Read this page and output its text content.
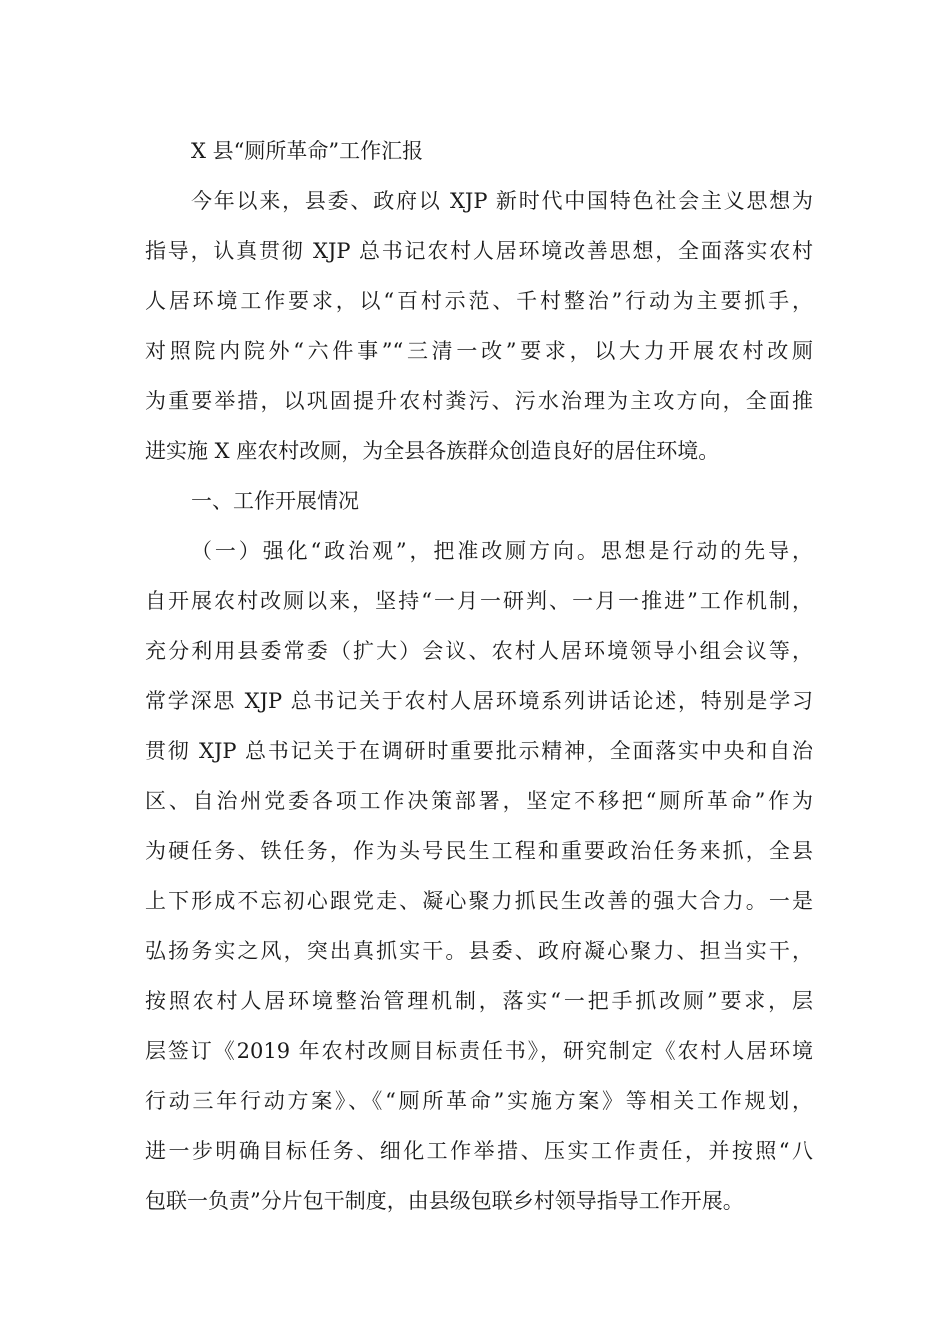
X 县“厕所革命”工作汇报
今年以来，县委、政府以 XJP 新时代中国特色社会主义思想为
指导，认真贯彻 XJP 总书记农村人居环境改善思想，全面落实农村
人居环境工作要求，以“百村示范、千村整治”行动为主要抓手，
对照院内院外“六件事”“三清一改”要求，以大力开展农村改厕
为重要举措，以巩固提升农村粪污、污水治理为主攻方向，全面推
进实施 X 座农村改厕，为全县各族群众创造良好的居住环境。
一、工作开展情况
（一）强化“政治观”，把准改厕方向。思想是行动的先导，
自开展农村改厕以来，坚持“一月一研判、一月一推进”工作机制，
充分利用县委常委（扩大）会议、农村人居环境领导小组会议等，
常学深思 XJP 总书记关于农村人居环境系列讲话论述，特别是学习
贯彻 XJP 总书记关于在调研时重要批示精神，全面落实中央和自治
区、自治州党委各项工作决策部署，坚定不移把“厕所革命”作为
为硬任务、铁任务，作为头号民生工程和重要政治任务来抓，全县
上下形成不忘初心跟党走、凝心聚力抓民生改善的强大合力。一是
弘扬务实之风，突出真抓实干。县委、政府凝心聚力、担当实干，
按照农村人居环境整治管理机制，落实“一把手抓改厕”要求，层
层签订《2019 年农村改厕目标责任书》，研究制定《农村人居环境
行动三年行动方案》、《“厕所革命”实施方案》等相关工作规划，
进一步明确目标任务、细化工作举措、压实工作责任，并按照“八
包联一负责”分片包干制度，由县级包联乡村领导指导工作开展。
